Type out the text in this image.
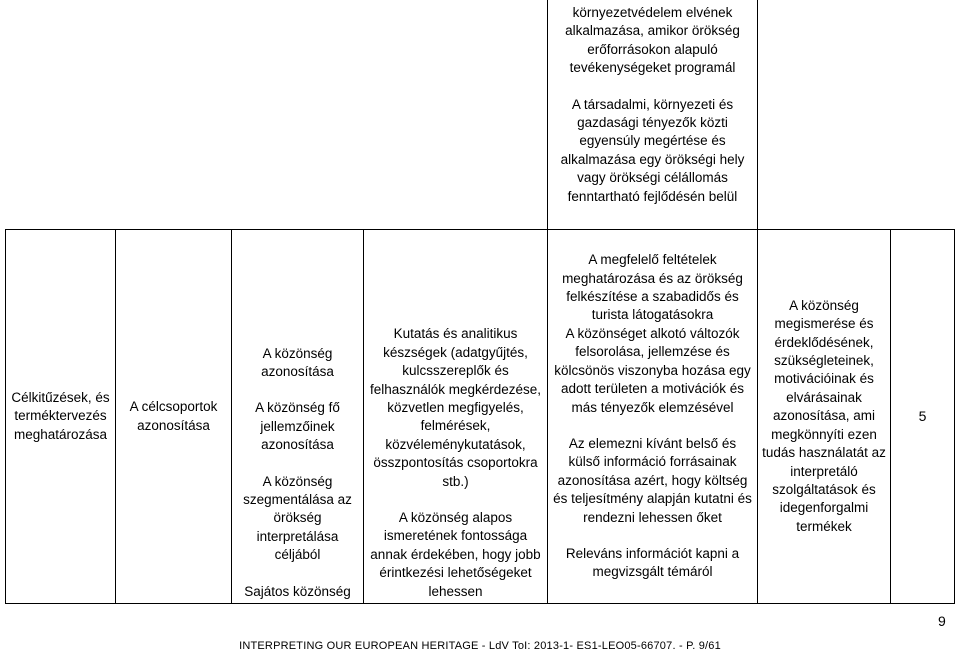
környezetvédelem elvének alkalmazása, amikor örökség erőforrásokon alapuló tevékenységeket programál
A társadalmi, környezeti és gazdasági tényezők közti egyensúly megértése és alkalmazása egy örökségi hely vagy örökségi célállomás fenntartható fejlődésén belül
Célkitűzések, és terméktervezés meghatározása
A célcsoportok azonosítása
A közönség azonosítása
A közönség fő jellemzőinek azonosítása
A közönség szegmentálása az örökség interpretálása céljából
Sajátos közönség
Kutatás és analitikus készségek (adatgyűjtés, kulcsszereplők és felhasználók megkérdezése, közvetlen megfigyelés, felmérések, közvéleménykutatások, összpontosítás csoportokra stb.)
A közönség alapos ismeretének fontossága annak érdekében, hogy jobb érintkezési lehetőségeket lehessen
A megfelelő feltételek meghatározása és az örökség felkészítése a szabadidős és turista látogatásokra
A közönséget alkotó változók felsorolása, jellemzése és kölcsönös viszonyba hozása egy adott területen a motivációk és más tényezők elemzésével
Az elemezni kívánt belső és külső információ forrásainak azonosítása azért, hogy költség és teljesítmény alapján kutatni és rendezni lehessen őket
Releváns információt kapni a megvizsgált témáról
A közönség megismerése és érdeklődésének, szükségleteinek, motivációinak és elvárásainak azonosítása, ami megkönnyíti ezen tudás használatát az interpretáló szolgáltatások és idegenforgalmi termékek
5
9
INTERPRETING OUR EUROPEAN HERITAGE - LdV ToI: 2013-1- ES1-LEO05-66707. - P. 9/61
